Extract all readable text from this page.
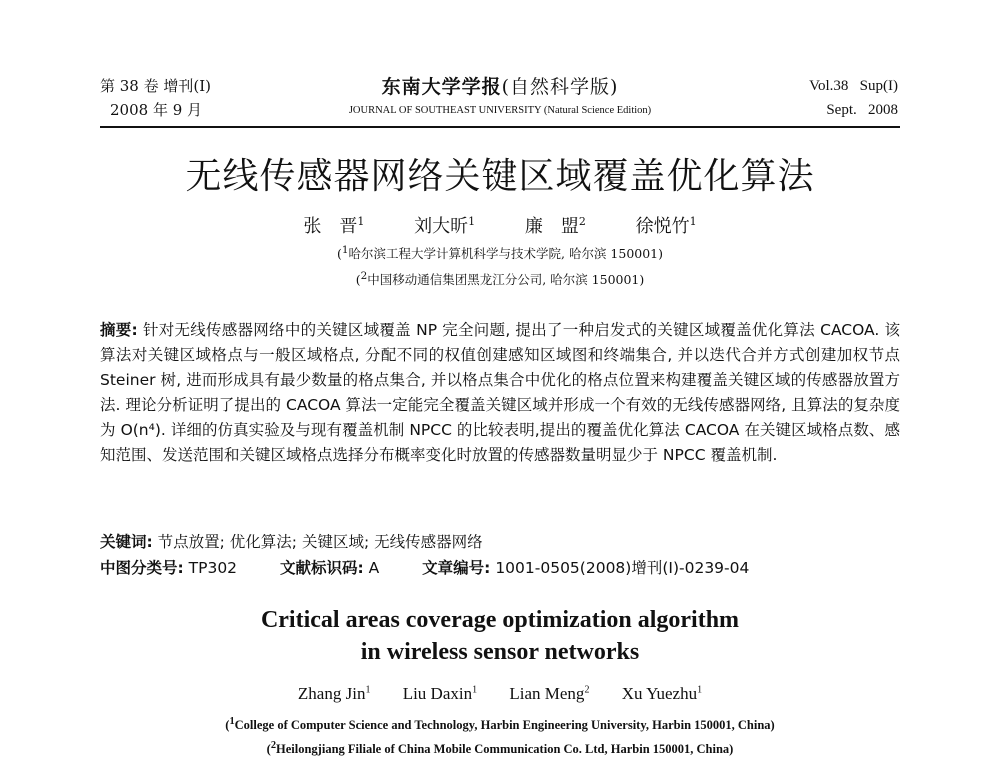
第 38 卷 增刊(I)
2008 年 9 月
东南大学学报(自然科学版)
JOURNAL OF SOUTHEAST UNIVERSITY (Natural Science Edition)
Vol.38   Sup(I)
Sept.   2008
无线传感器网络关键区域覆盖优化算法
张　晋$^1$	刘大昕$^1$	廉　盟$^2$	徐悦竹$^1$
($^1$哈尔滨工程大学计算机科学与技术学院, 哈尔滨 150001)
($^2$中国移动通信集团黑龙江分公司, 哈尔滨 150001)
摘要: 针对无线传感器网络中的关键区域覆盖 NP 完全问题, 提出了一种启发式的关键区域覆盖优化算法 CACOA. 该算法对关键区域格点与一般区域格点, 分配不同的权值创建感知区域图和终端集合, 并以迭代合并方式创建加权节点 Steiner 树, 进而形成具有最少数量的格点集合, 并以格点集合中优化的格点位置来构建覆盖关键区域的传感器放置方法. 理论分析证明了提出的 CACOA 算法一定能完全覆盖关键区域并形成一个有效的无线传感器网络, 且算法的复杂度为 O(n⁴). 详细的仿真实验及与现有覆盖机制 NPCC 的比较表明,提出的覆盖优化算法 CACOA 在关键区域格点数、感知范围、发送范围和关键区域格点选择分布概率变化时放置的传感器数量明显少于 NPCC 覆盖机制.
关键词: 节点放置; 优化算法; 关键区域; 无线传感器网络
中图分类号: TP302	文献标识码: A	文章编号: 1001-0505(2008)增刊(I)-0239-04
Critical areas coverage optimization algorithm
in wireless sensor networks
Zhang Jin$^1$ Liu Daxin$^1$ Lian Meng$^2$ Xu Yuezhu$^1$
($^1$College of Computer Science and Technology, Harbin Engineering University, Harbin 150001, China)
($^2$Heilongjiang Filiale of China Mobile Communication Co. Ltd, Harbin 150001, China)
